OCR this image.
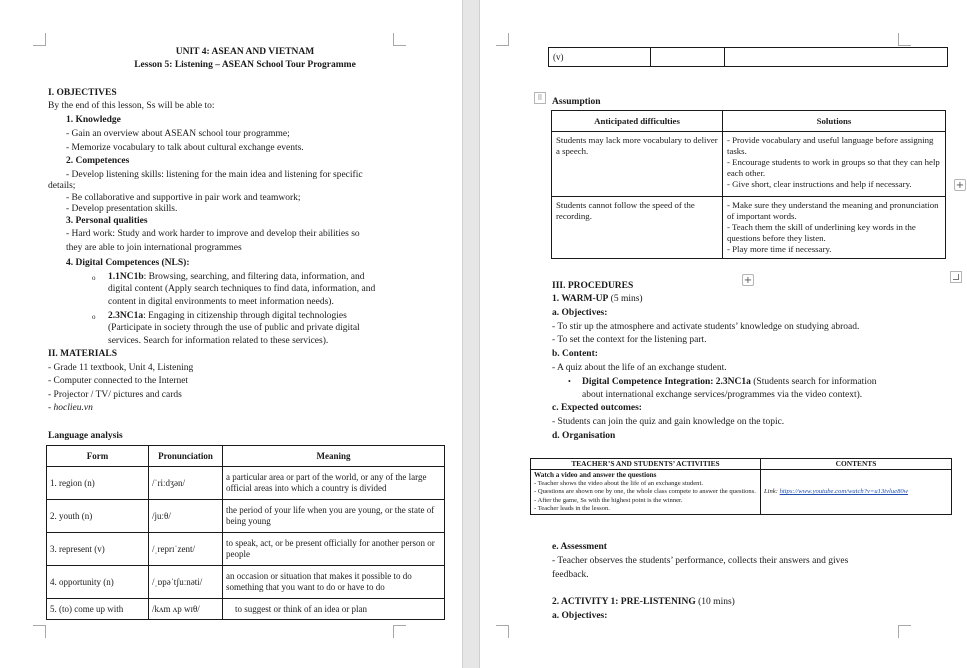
UNIT 4: ASEAN AND VIETNAM
Lesson 5: Listening – ASEAN School Tour Programme
I. OBJECTIVES
By the end of this lesson, Ss will be able to:
1. Knowledge
- Gain an overview about ASEAN school tour programme;
- Memorize vocabulary to talk about cultural exchange events.
2. Competences
- Develop listening skills: listening for the main idea and listening for specific
details;
- Be collaborative and supportive in pair work and teamwork;
- Develop presentation skills.
3. Personal qualities
- Hard work: Study and work harder to improve and develop their abilities so
they are able to join international programmes
4. Digital Competences (NLS):
o 1.1NC1b: Browsing, searching, and filtering data, information, and
digital content (Apply search techniques to find data, information, and
content in digital environments to meet information needs).
o 2.3NC1a: Engaging in citizenship through digital technologies
(Participate in society through the use of public and private digital
services. Search for information related to these services).
II. MATERIALS
- Grade 11 textbook, Unit 4, Listening
- Computer connected to the Internet
- Projector / TV/ pictures and cards
- hoclieu.vn
Language analysis
Form	Pronunciation	Meaning
1. region (n)	/ˈriːdʒən/	a particular area or part of the world, or any of the large official areas into which a country is divided
2. youth (n)	/juːθ/	the period of your life when you are young, or the state of being young
3. represent (v)	/ˌreprɪˈzent/	to speak, act, or be present officially for another person or people
4. opportunity (n)	/ˌɒpəˈtʃuːnəti/	an occasion or situation that makes it possible to do something that you want to do or have to do
5. (to) come up with	/kʌm ʌp wɪθ/	to suggest or think of an idea or plan
(v)		
⠿ Assumption
Anticipated difficulties	Solutions
Students may lack more vocabulary to deliver a speech.	- Provide vocabulary and useful language before assigning tasks.
- Encourage students to work in groups so that they can help each other.
- Give short, clear instructions and help if necessary.

Students cannot follow the speed of the recording.	- Make sure they understand the meaning and pronunciation of important words.
- Teach them the skill of underlining key words in the questions before they listen.
- Play more time if necessary.
+
+
III. PROCEDURES
1. WARM-UP (5 mins)
a. Objectives:
- To stir up the atmosphere and activate students’ knowledge on studying abroad.
- To set the context for the listening part.
b. Content:
- A quiz about the life of an exchange student.
• Digital Competence Integration: 2.3NC1a (Students search for information
about international exchange services/programmes via the video context).
c. Expected outcomes:
- Students can join the quiz and gain knowledge on the topic.
d. Organisation
TEACHER’S AND STUDENTS’ ACTIVITIES	CONTENTS

Watch a video and answer the questions
- Teacher shows the video about the life of an exchange student.
- Questions are shown one by one, the whole class compete to answer the questions.
- After the game, Ss with the highest point is the winner.
- Teacher leads in the lesson.	Link: https://www.youtube.com/watch?v=u13tvlue80w
e. Assessment
- Teacher observes the students’ performance, collects their answers and gives
feedback.
2. ACTIVITY 1: PRE-LISTENING (10 mins)
a. Objectives:
